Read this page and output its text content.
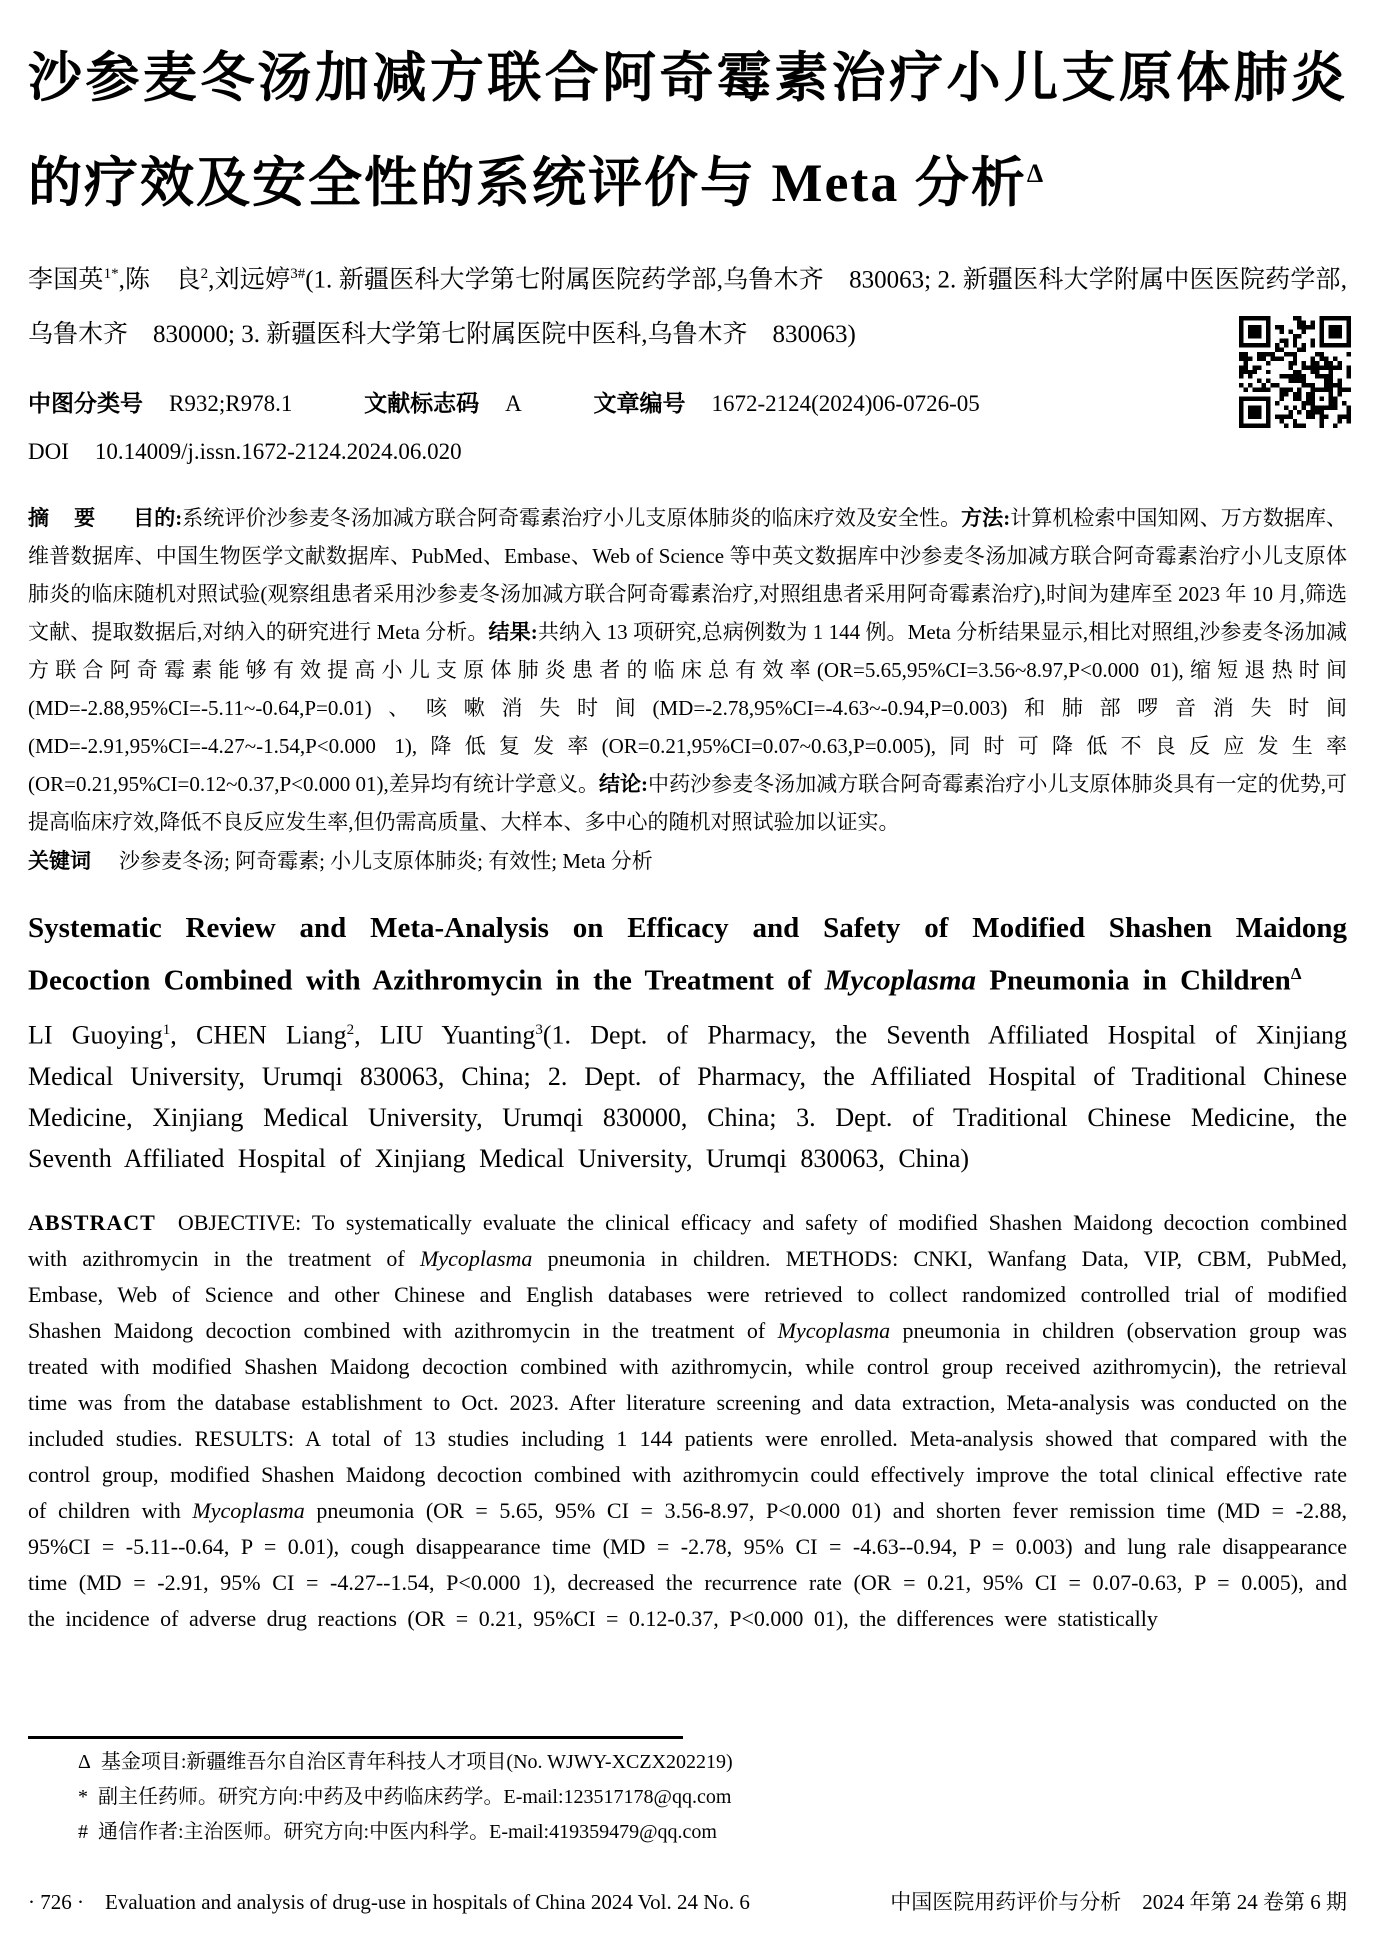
沙参麦冬汤加减方联合阿奇霉素治疗小儿支原体肺炎的疗效及安全性的系统评价与 Meta 分析$^\Delta$

李国英$^{1*}$,陈　良$^2$,刘远婷$^{3\#}$(1. 新疆医科大学第七附属医院药学部,乌鲁木齐　830063; 2. 新疆医科大学附属中医医院药学部,乌鲁木齐　830000; 3. 新疆医科大学第七附属医院中医科,乌鲁木齐　830063)

中图分类号 R932;R978.1	文献标志码 A	文章编号 1672-2124(2024)06-0726-05
DOI 10.14009/j.issn.1672-2124.2024.06.020

摘　要 目的:系统评价沙参麦冬汤加减方联合阿奇霉素治疗小儿支原体肺炎的临床疗效及安全性。方法:计算机检索中国知网、万方数据库、维普数据库、中国生物医学文献数据库、PubMed、Embase、Web of Science 等中英文数据库中沙参麦冬汤加减方联合阿奇霉素治疗小儿支原体肺炎的临床随机对照试验(观察组患者采用沙参麦冬汤加减方联合阿奇霉素治疗,对照组患者采用阿奇霉素治疗),时间为建库至 2023 年 10 月,筛选文献、提取数据后,对纳入的研究进行 Meta 分析。结果:共纳入 13 项研究,总病例数为 1 144 例。Meta 分析结果显示,相比对照组,沙参麦冬汤加减方联合阿奇霉素能够有效提高小儿支原体肺炎患者的临床总有效率(OR=5.65,95%CI=3.56~8.97,P<0.000 01),缩短退热时间(MD=-2.88,95%CI=-5.11~-0.64,P=0.01)、咳嗽消失时间(MD=-2.78,95%CI=-4.63~-0.94,P=0.003)和肺部啰音消失时间(MD=-2.91,95%CI=-4.27~-1.54,P<0.000 1),降低复发率(OR=0.21,95%CI=0.07~0.63,P=0.005),同时可降低不良反应发生率(OR=0.21,95%CI=0.12~0.37,P<0.000 01),差异均有统计学意义。结论:中药沙参麦冬汤加减方联合阿奇霉素治疗小儿支原体肺炎具有一定的优势,可提高临床疗效,降低不良反应发生率,但仍需高质量、大样本、多中心的随机对照试验加以证实。

关键词 沙参麦冬汤; 阿奇霉素; 小儿支原体肺炎; 有效性; Meta 分析

Systematic Review and Meta-Analysis on Efficacy and Safety of Modified Shashen Maidong Decoction Combined with Azithromycin in the Treatment of Mycoplasma Pneumonia in Children$^\Delta$

LI Guoying$^1$, CHEN Liang$^2$, LIU Yuanting$^3$(1. Dept. of Pharmacy, the Seventh Affiliated Hospital of Xinjiang Medical University, Urumqi 830063, China; 2. Dept. of Pharmacy, the Affiliated Hospital of Traditional Chinese Medicine, Xinjiang Medical University, Urumqi 830000, China; 3. Dept. of Traditional Chinese Medicine, the Seventh Affiliated Hospital of Xinjiang Medical University, Urumqi 830063, China)

ABSTRACT OBJECTIVE: To systematically evaluate the clinical efficacy and safety of modified Shashen Maidong decoction combined with azithromycin in the treatment of Mycoplasma pneumonia in children. METHODS: CNKI, Wanfang Data, VIP, CBM, PubMed, Embase, Web of Science and other Chinese and English databases were retrieved to collect randomized controlled trial of modified Shashen Maidong decoction combined with azithromycin in the treatment of Mycoplasma pneumonia in children (observation group was treated with modified Shashen Maidong decoction combined with azithromycin, while control group received azithromycin), the retrieval time was from the database establishment to Oct. 2023. After literature screening and data extraction, Meta-analysis was conducted on the included studies. RESULTS: A total of 13 studies including 1 144 patients were enrolled. Meta-analysis showed that compared with the control group, modified Shashen Maidong decoction combined with azithromycin could effectively improve the total clinical effective rate of children with Mycoplasma pneumonia (OR = 5.65, 95% CI = 3.56-8.97, P<0.000 01) and shorten fever remission time (MD = -2.88, 95%CI = -5.11--0.64, P = 0.01), cough disappearance time (MD = -2.78, 95% CI = -4.63--0.94, P = 0.003) and lung rale disappearance time (MD = -2.91, 95% CI = -4.27--1.54, P<0.000 1), decreased the recurrence rate (OR = 0.21, 95% CI = 0.07-0.63, P = 0.005), and the incidence of adverse drug reactions (OR = 0.21, 95%CI = 0.12-0.37, P<0.000 01), the differences were statistically

Δ 基金项目:新疆维吾尔自治区青年科技人才项目(No. WJWY-XCZX202219)
* 副主任药师。研究方向:中药及中药临床药学。E-mail:123517178@qq.com
# 通信作者:主治医师。研究方向:中医内科学。E-mail:419359479@qq.com
· 726 ·　Evaluation and analysis of drug-use in hospitals of China 2024 Vol. 24 No. 6	中国医院用药评价与分析　2024 年第 24 卷第 6 期
